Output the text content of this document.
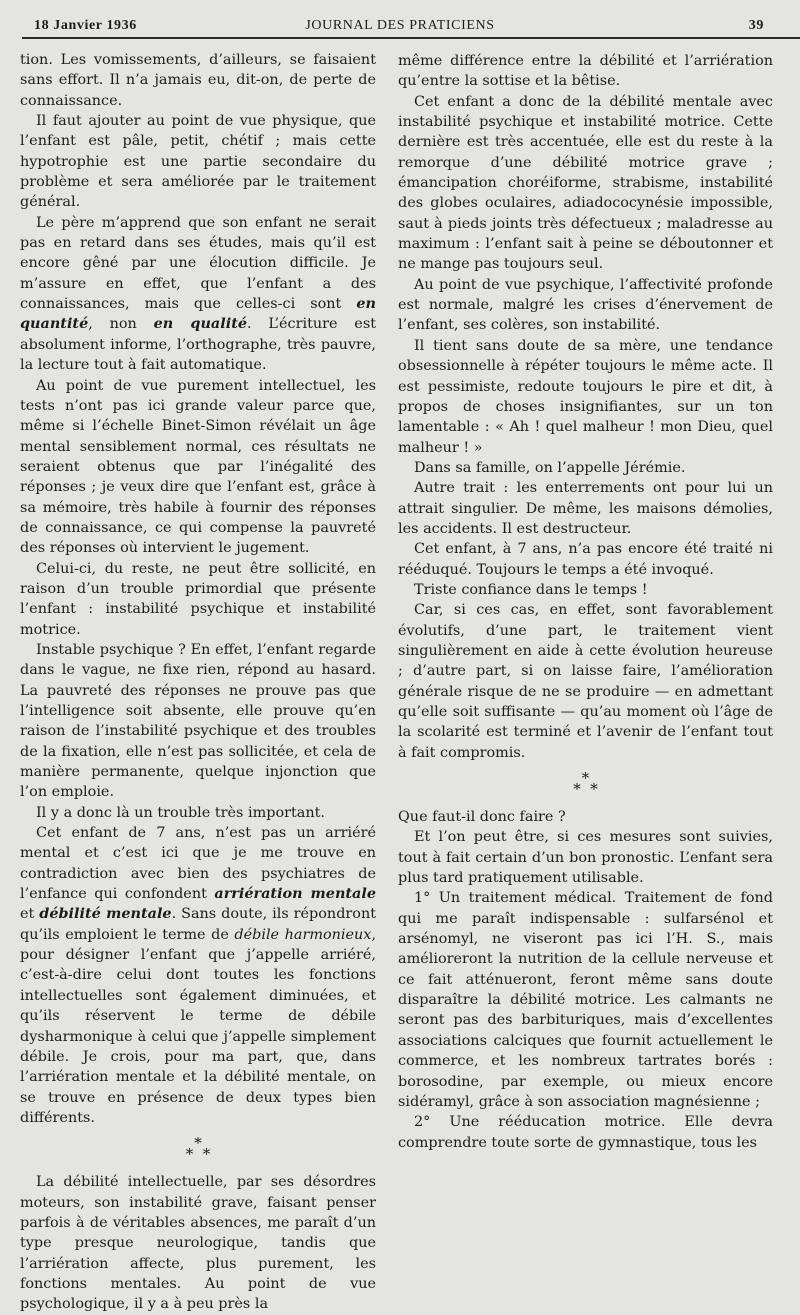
18 Janvier 1936	JOURNAL DES PRATICIENS	39

tion. Les vomissements, d’ailleurs, se faisaient sans effort. Il n’a jamais eu, dit-on, de perte de connaissance.

Il faut ajouter au point de vue physique, que l’enfant est pâle, petit, chétif ; mais cette hypotrophie est une partie secondaire du problème et sera améliorée par le traitement général.

Le père m’apprend que son enfant ne serait pas en retard dans ses études, mais qu’il est encore gêné par une élocution difficile. Je m’assure en effet, que l’enfant a des connaissances, mais que celles-ci sont en quantité, non en qualité. L’écriture est absolument informe, l’orthographe, très pauvre, la lecture tout à fait automatique.

Au point de vue purement intellectuel, les tests n’ont pas ici grande valeur parce que, même si l’échelle Binet-Simon révélait un âge mental sensiblement normal, ces résultats ne seraient obtenus que par l’inégalité des réponses ; je veux dire que l’enfant est, grâce à sa mémoire, très habile à fournir des réponses de connaissance, ce qui compense la pauvreté des réponses où intervient le jugement.

Celui-ci, du reste, ne peut être sollicité, en raison d’un trouble primordial que présente l’enfant : instabilité psychique et instabilité motrice.

Instable psychique ? En effet, l’enfant regarde dans le vague, ne fixe rien, répond au hasard. La pauvreté des réponses ne prouve pas que l’intelligence soit absente, elle prouve qu’en raison de l’instabilité psychique et des troubles de la fixation, elle n’est pas sollicitée, et cela de manière permanente, quelque injonction que l’on emploie.

Il y a donc là un trouble très important.

Cet enfant de 7 ans, n’est pas un arriéré mental et c’est ici que je me trouve en contradiction avec bien des psychiatres de l’enfance qui confondent arriération mentale et débilité mentale. Sans doute, ils répondront qu’ils emploient le terme de débile harmonieux, pour désigner l’enfant que j’appelle arriéré, c’est-à-dire celui dont toutes les fonctions intellectuelles sont également diminuées, et qu’ils réservent le terme de débile dysharmonique à celui que j’appelle simplement débile. Je crois, pour ma part, que, dans l’arriération mentale et la débilité mentale, on se trouve en présence de deux types bien différents.

*
* *

La débilité intellectuelle, par ses désordres moteurs, son instabilité grave, faisant penser parfois à de véritables absences, me paraît d’un type presque neurologique, tandis que l’arriération affecte, plus purement, les fonctions mentales. Au point de vue psychologique, il y a à peu près la

même différence entre la débilité et l’arriération qu’entre la sottise et la bêtise.

Cet enfant a donc de la débilité mentale avec instabilité psychique et instabilité motrice. Cette dernière est très accentuée, elle est du reste à la remorque d’une débilité motrice grave ; émancipation choréiforme, strabisme, instabilité des globes oculaires, adiadococynésie impossible, saut à pieds joints très défectueux ; maladresse au maximum : l’enfant sait à peine se déboutonner et ne mange pas toujours seul.

Au point de vue psychique, l’affectivité profonde est normale, malgré les crises d’énervement de l’enfant, ses colères, son instabilité.

Il tient sans doute de sa mère, une tendance obsessionnelle à répéter toujours le même acte. Il est pessimiste, redoute toujours le pire et dit, à propos de choses insignifiantes, sur un ton lamentable : « Ah ! quel malheur ! mon Dieu, quel malheur ! »

Dans sa famille, on l’appelle Jérémie.

Autre trait : les enterrements ont pour lui un attrait singulier. De même, les maisons démolies, les accidents. Il est destructeur.

Cet enfant, à 7 ans, n’a pas encore été traité ni rééduqué. Toujours le temps a été invoqué.

Triste confiance dans le temps !

Car, si ces cas, en effet, sont favorablement évolutifs, d’une part, le traitement vient singulièrement en aide à cette évolution heureuse ; d’autre part, si on laisse faire, l’amélioration générale risque de ne se produire — en admettant qu’elle soit suffisante — qu’au moment où l’âge de la scolarité est terminé et l’avenir de l’enfant tout à fait compromis.

*
* *

Que faut-il donc faire ?

Et l’on peut être, si ces mesures sont suivies, tout à fait certain d’un bon pronostic. L’enfant sera plus tard pratiquement utilisable.

1° Un traitement médical. Traitement de fond qui me paraît indispensable : sulfarsénol et arsénomyl, ne viseront pas ici l’H. S., mais amélioreront la nutrition de la cellule nerveuse et ce fait atténueront, feront même sans doute disparaître la débilité motrice. Les calmants ne seront pas des barbituriques, mais d’excellentes associations calciques que fournit actuellement le commerce, et les nombreux tartrates borés : borosodine, par exemple, ou mieux encore sidéramyl, grâce à son association magnésienne ;

2° Une rééducation motrice. Elle devra comprendre toute sorte de gymnastique, tous les
